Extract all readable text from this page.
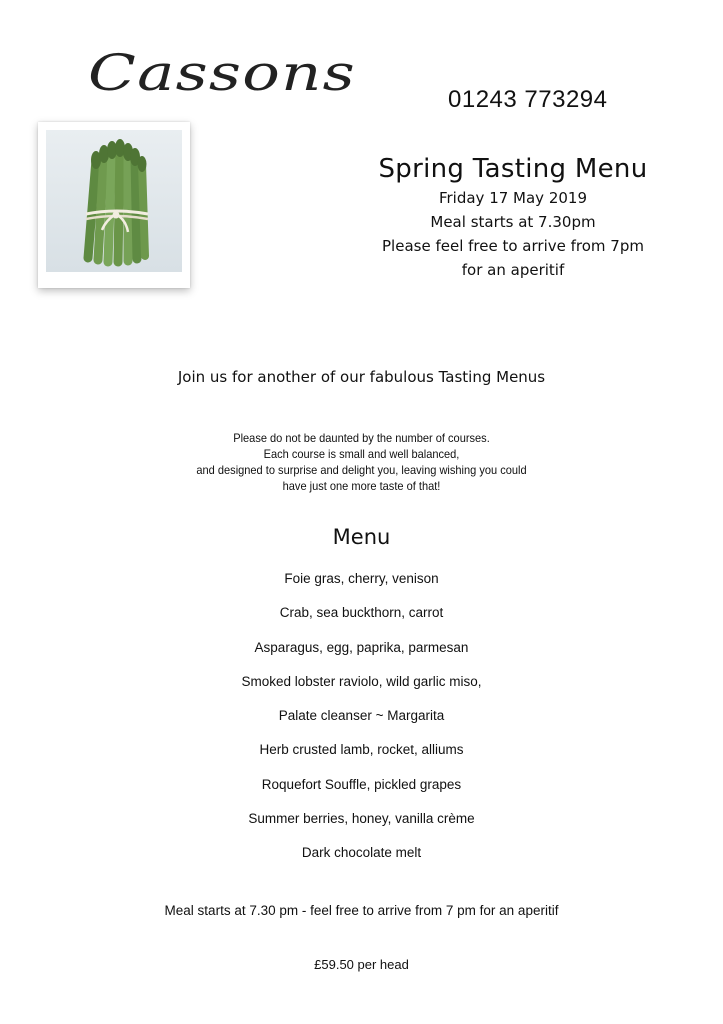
Cassons	01243 773294
Spring Tasting Menu
Friday 17 May 2019
Meal starts at 7.30pm
Please feel free to arrive from 7pm
for an aperitif
Join us for another of our fabulous Tasting Menus
Please do not be daunted by the number of courses.
Each course is small and well balanced,
and designed to surprise and delight you, leaving wishing you could
have just one more taste of that!
Menu
Foie gras, cherry, venison
Crab, sea buckthorn, carrot
Asparagus, egg, paprika, parmesan
Smoked lobster raviolo, wild garlic miso,
Palate cleanser ~ Margarita
Herb crusted lamb, rocket, alliums
Roquefort Souffle, pickled grapes
Summer berries, honey, vanilla crème
Dark chocolate melt
Meal starts at 7.30 pm - feel free to arrive from 7 pm for an aperitif
£59.50 per head
